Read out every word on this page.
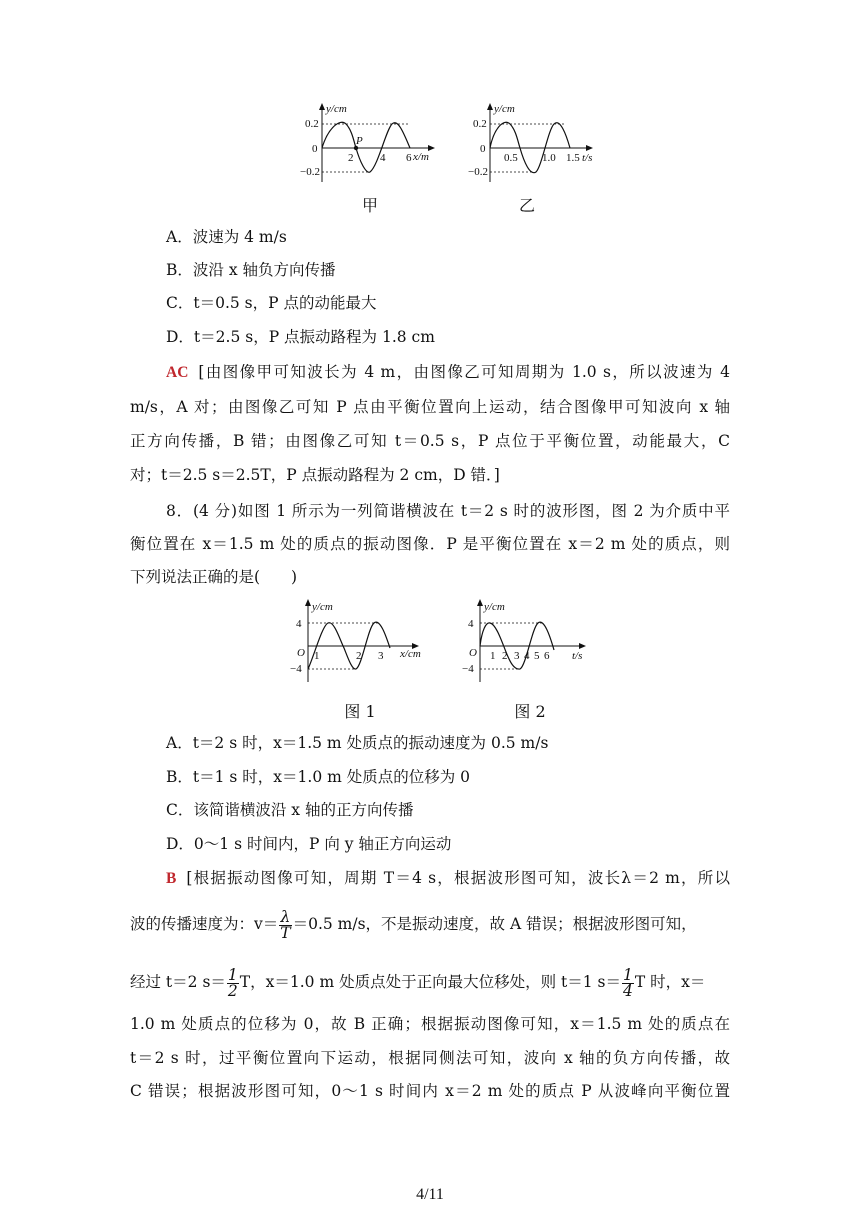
y/cm
x/m
0.2
0
−0.2
P
2 4 6
甲
y/cm
0.2
0
−0.2
0.5 1.0 1.5 t/s
乙
A．波速为 4 m/s
B．波沿 x 轴负方向传播
C．t＝0.5 s，P 点的动能最大
D．t＝2.5 s，P 点振动路程为 1.8 cm
AC [由图像甲可知波长为 4 m，由图像乙可知周期为 1.0 s，所以波速为 4
m/s，A 对；由图像乙可知 P 点由平衡位置向上运动，结合图像甲可知波向 x 轴
正方向传播，B 错；由图像乙可知 t＝0.5 s，P 点位于平衡位置，动能最大，C
对；t＝2.5 s＝2.5T，P 点振动路程为 2 cm，D 错．]
8．(4 分)如图 1 所示为一列简谐横波在 t＝2 s 时的波形图，图 2 为介质中平
衡位置在 x＝1.5 m 处的质点的振动图像．P 是平衡位置在 x＝2 m 处的质点，则
下列说法正确的是(　　)
y/cm
x/cm
4
O
−4
1	2 3
图 1
y/cm
4
O
−4
1 2 3 4 5 6 t/s
图 2
A．t＝2 s 时，x＝1.5 m 处质点的振动速度为 0.5 m/s
B．t＝1 s 时，x＝1.0 m 处质点的位移为 0
C．该简谐横波沿 x 轴的正方向传播
D．0～1 s 时间内，P 向 y 轴正方向运动
B [根据振动图像可知，周期 T＝4 s，根据波形图可知，波长λ＝2 m，所以
波的传播速度为：$v= \frac{\lambda}{T} =0.5$ m/s，不是振动速度，故 A 错误；根据波形图可知，
经过 t＝2 $s= \frac{1}{2}$ T，x＝1.0 m 处质点处于正向最大位移处，则 t＝1 $s= \frac{1}{4}$ T 时，x＝
1.0 m 处质点的位移为 0，故 B 正确；根据振动图像可知，x＝1.5 m 处的质点在
t＝2 s 时，过平衡位置向下运动，根据同侧法可知，波向 x 轴的负方向传播，故
C 错误；根据波形图可知，0～1 s 时间内 x＝2 m 处的质点 P 从波峰向平衡位置
4/11
